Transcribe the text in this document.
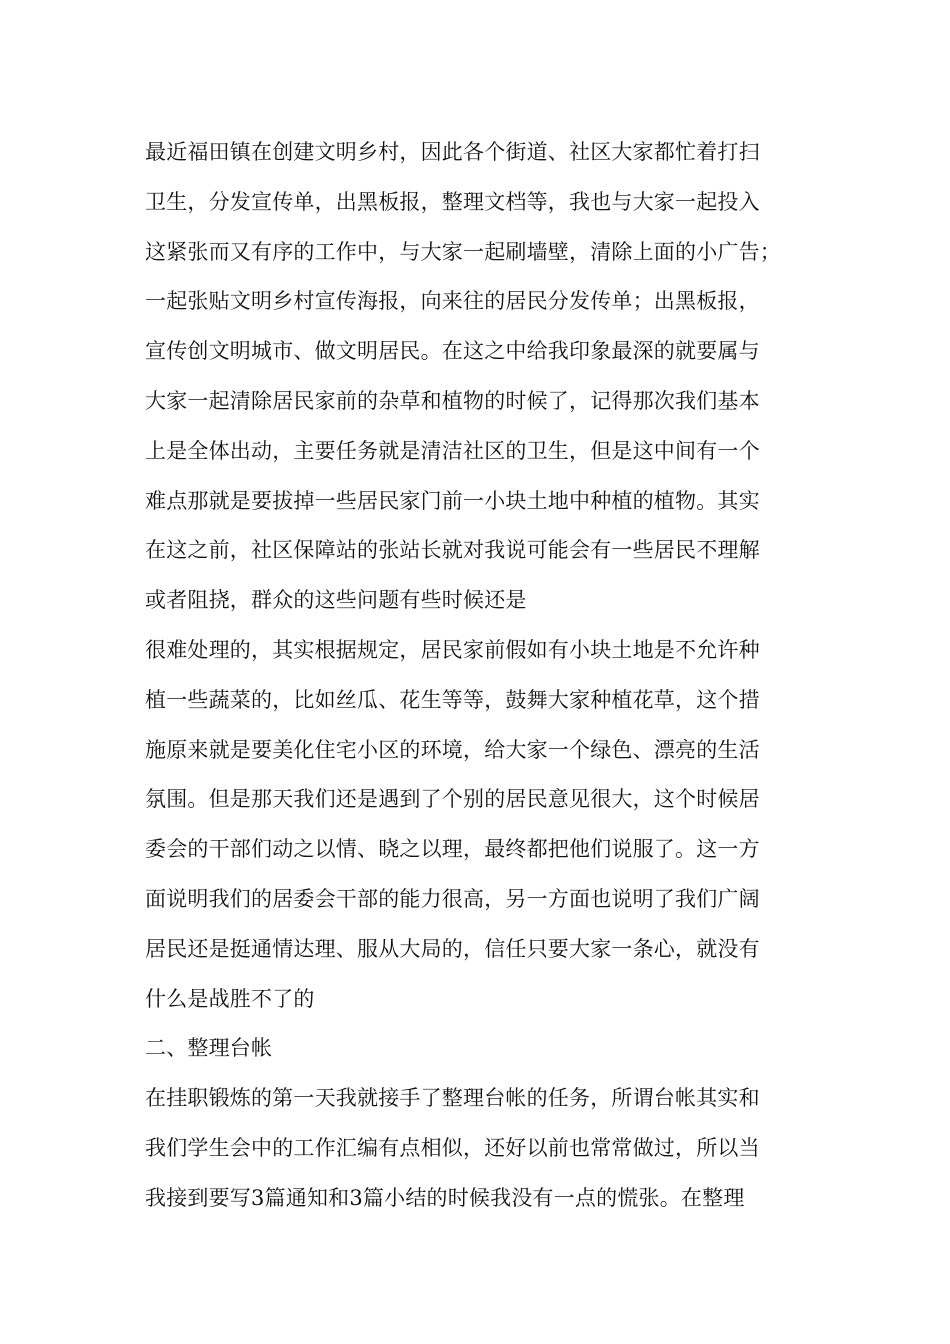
最近福田镇在创建文明乡村，因此各个街道、社区大家都忙着打扫
卫生，分发宣传单，出黑板报，整理文档等，我也与大家一起投入
这紧张而又有序的工作中，与大家一起刷墙壁，清除上面的小广告；
一起张贴文明乡村宣传海报，向来往的居民分发传单；出黑板报，
宣传创文明城市、做文明居民。在这之中给我印象最深的就要属与
大家一起清除居民家前的杂草和植物的时候了，记得那次我们基本
上是全体出动，主要任务就是清洁社区的卫生，但是这中间有一个
难点那就是要拔掉一些居民家门前一小块土地中种植的植物。其实
在这之前，社区保障站的张站长就对我说可能会有一些居民不理解
或者阻挠，群众的这些问题有些时候还是
很难处理的，其实根据规定，居民家前假如有小块土地是不允许种
植一些蔬菜的，比如丝瓜、花生等等，鼓舞大家种植花草，这个措
施原来就是要美化住宅小区的环境，给大家一个绿色、漂亮的生活
氛围。但是那天我们还是遇到了个别的居民意见很大，这个时候居
委会的干部们动之以情、晓之以理，最终都把他们说服了。这一方
面说明我们的居委会干部的能力很高，另一方面也说明了我们广阔
居民还是挺通情达理、服从大局的，信任只要大家一条心，就没有
什么是战胜不了的
二、整理台帐
在挂职锻炼的第一天我就接手了整理台帐的任务，所谓台帐其实和
我们学生会中的工作汇编有点相似，还好以前也常常做过，所以当
我接到要写3篇通知和3篇小结的时候我没有一点的慌张。在整理
